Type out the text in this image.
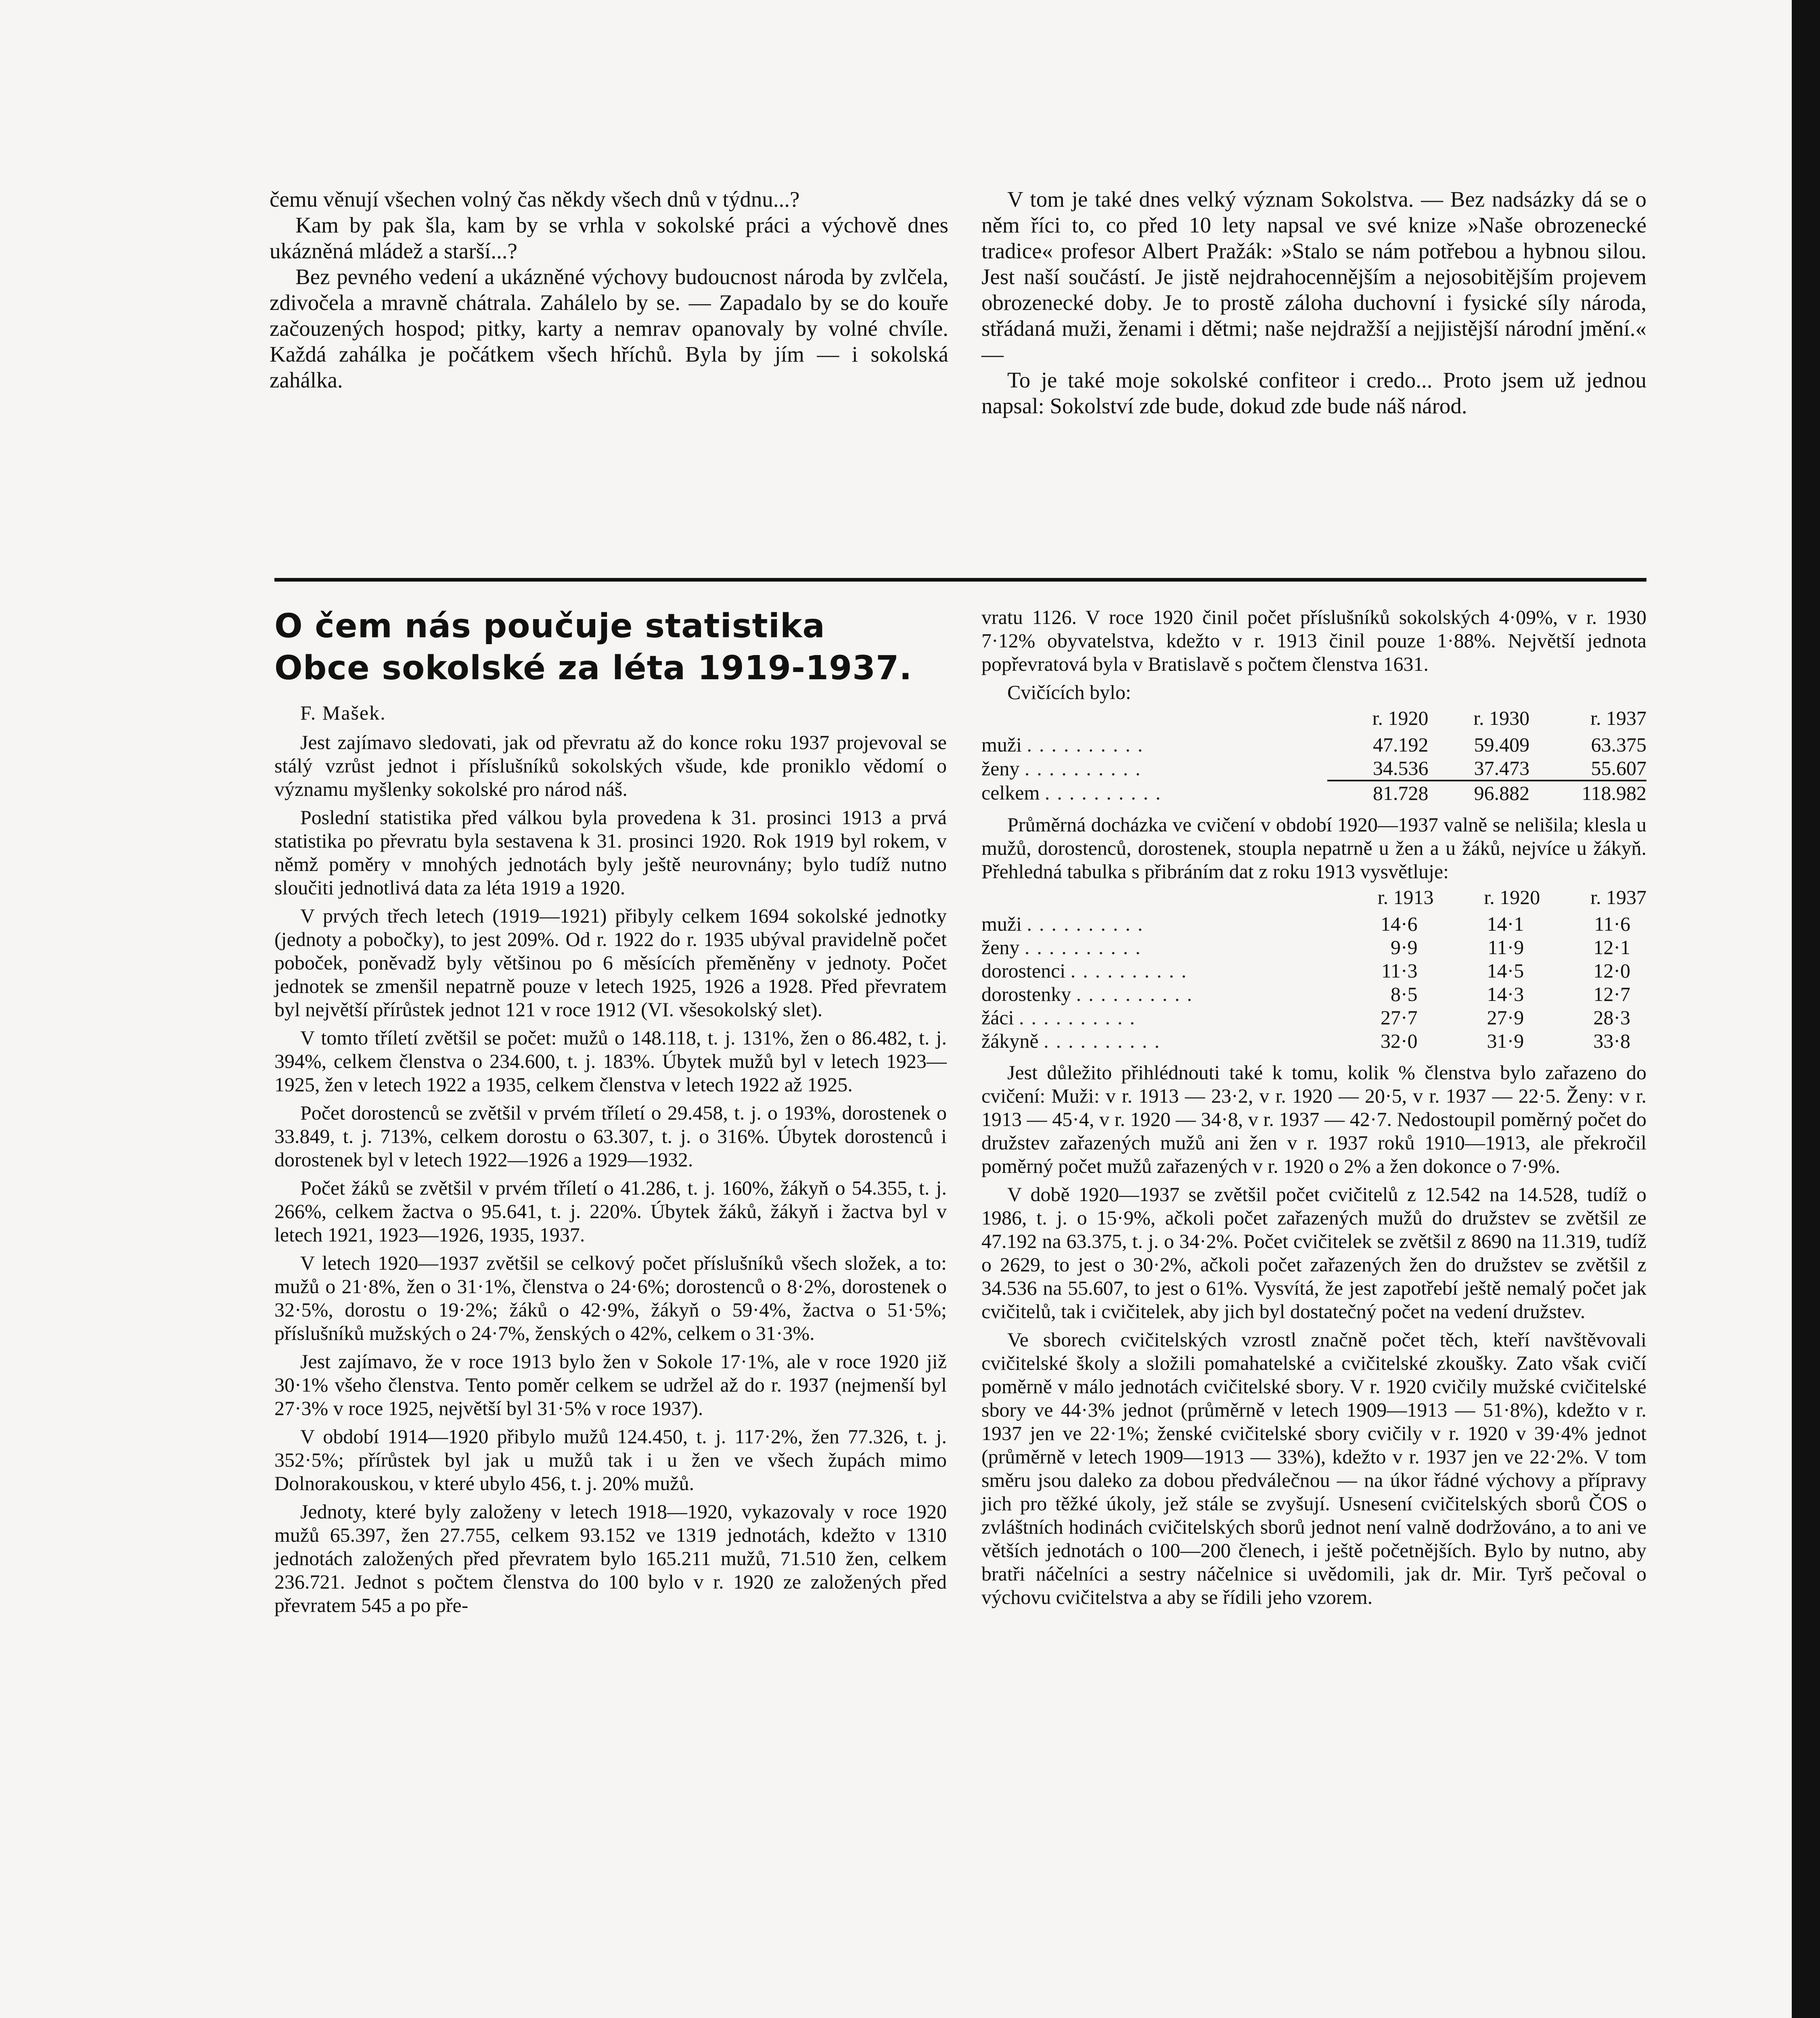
čemu věnují všechen volný čas někdy všech dnů v týdnu...?

Kam by pak šla, kam by se vrhla v sokolské práci a výchově dnes ukázněná mládež a starší...?

Bez pevného vedení a ukázněné výchovy budoucnost národa by zvlčela, zdivočela a mravně chátrala. Zahálelo by se. — Zapadalo by se do kouře začouzených hospod; pitky, karty a nemrav opanovaly by volné chvíle. Každá zahálka je počátkem všech hříchů. Byla by jím — i sokolská zahálka.

V tom je také dnes velký význam Sokolstva. — Bez nadsázky dá se o něm říci to, co před 10 lety napsal ve své knize »Naše obrozenecké tradice« profesor Albert Pražák: »Stalo se nám potřebou a hybnou silou. Jest naší součástí. Je jistě nejdrahocennějším a nejosobitějším projevem obrozenecké doby. Je to prostě záloha duchovní i fysické síly národa, střádaná muži, ženami i dětmi; naše nejdražší a nejjistější národní jmění.« —

To je také moje sokolské confiteor i credo... Proto jsem už jednou napsal: Sokolství zde bude, dokud zde bude náš národ.

O čem nás poučuje statistika
Obce sokolské za léta 1919-1937.

F. Mašek.

Jest zajímavo sledovati, jak od převratu až do konce roku 1937 projevoval se stálý vzrůst jednot i příslušníků sokolských všude, kde proniklo vědomí o významu myšlenky sokolské pro národ náš.

Poslední statistika před válkou byla provedena k 31. prosinci 1913 a prvá statistika po převratu byla sestavena k 31. prosinci 1920. Rok 1919 byl rokem, v němž poměry v mnohých jednotách byly ještě neurovnány; bylo tudíž nutno sloučiti jednotlivá data za léta 1919 a 1920.

V prvých třech letech (1919—1921) přibyly celkem 1694 sokolské jednotky (jednoty a pobočky), to jest 209%. Od r. 1922 do r. 1935 ubýval pravidelně počet poboček, poněvadž byly většinou po 6 měsících přeměněny v jednoty. Počet jednotek se zmenšil nepatrně pouze v letech 1925, 1926 a 1928. Před převratem byl největší přírůstek jednot 121 v roce 1912 (VI. všesokolský slet).

V tomto tříletí zvětšil se počet: mužů o 148.118, t. j. 131%, žen o 86.482, t. j. 394%, celkem členstva o 234.600, t. j. 183%. Úbytek mužů byl v letech 1923—1925, žen v letech 1922 a 1935, celkem členstva v letech 1922 až 1925.

Počet dorostenců se zvětšil v prvém tříletí o 29.458, t. j. o 193%, dorostenek o 33.849, t. j. 713%, celkem dorostu o 63.307, t. j. o 316%. Úbytek dorostenců i dorostenek byl v letech 1922—1926 a 1929—1932.

Počet žáků se zvětšil v prvém tříletí o 41.286, t. j. 160%, žákyň o 54.355, t. j. 266%, celkem žactva o 95.641, t. j. 220%. Úbytek žáků, žákyň i žactva byl v letech 1921, 1923—1926, 1935, 1937.

V letech 1920—1937 zvětšil se celkový počet příslušníků všech složek, a to: mužů o 21·8%, žen o 31·1%, členstva o 24·6%; dorostenců o 8·2%, dorostenek o 32·5%, dorostu o 19·2%; žáků o 42·9%, žákyň o 59·4%, žactva o 51·5%; příslušníků mužských o 24·7%, ženských o 42%, celkem o 31·3%.

Jest zajímavo, že v roce 1913 bylo žen v Sokole 17·1%, ale v roce 1920 již 30·1% všeho členstva. Tento poměr celkem se udržel až do r. 1937 (nejmenší byl 27·3% v roce 1925, největší byl 31·5% v roce 1937).

V období 1914—1920 přibylo mužů 124.450, t. j. 117·2%, žen 77.326, t. j. 352·5%; přírůstek byl jak u mužů tak i u žen ve všech župách mimo Dolnorakouskou, v které ubylo 456, t. j. 20% mužů.

Jednoty, které byly založeny v letech 1918—1920, vykazovaly v roce 1920 mužů 65.397, žen 27.755, celkem 93.152 ve 1319 jednotách, kdežto v 1310 jednotách založených před převratem bylo 165.211 mužů, 71.510 žen, celkem 236.721. Jednot s počtem členstva do 100 bylo v r. 1920 ze založených před převratem 545 a po pře-

vratu 1126. V roce 1920 činil počet příslušníků sokolských 4·09%, v r. 1930 7·12% obyvatelstva, kdežto v r. 1913 činil pouze 1·88%. Největší jednota popřevratová byla v Bratislavě s počtem členstva 1631.

Cvičících bylo:

	r. 1920	r. 1930	r. 1937
muži ..........	47.192	59.409	63.375
ženy ..........	34.536	37.473	55.607
celkem ..........	81.728	96.882	118.982

Průměrná docházka ve cvičení v období 1920—1937 valně se nelišila; klesla u mužů, dorostenců, dorostenek, stoupla nepatrně u žen a u žáků, nejvíce u žákyň. Přehledná tabulka s přibráním dat z roku 1913 vysvětluje:

	r. 1913	r. 1920	r. 1937
muži ..........	14·6	14·1	11·6
ženy ..........	9·9	11·9	12·1
dorostenci ..........	11·3	14·5	12·0
dorostenky ..........	8·5	14·3	12·7
žáci ..........	27·7	27·9	28·3
žákyně ..........	32·0	31·9	33·8

Jest důležito přihlédnouti také k tomu, kolik % členstva bylo zařazeno do cvičení: Muži: v r. 1913 — 23·2, v r. 1920 — 20·5, v r. 1937 — 22·5. Ženy: v r. 1913 — 45·4, v r. 1920 — 34·8, v r. 1937 — 42·7. Nedostoupil poměrný počet do družstev zařazených mužů ani žen v r. 1937 roků 1910—1913, ale překročil poměrný počet mužů zařazených v r. 1920 o 2% a žen dokonce o 7·9%.

V době 1920—1937 se zvětšil počet cvičitelů z 12.542 na 14.528, tudíž o 1986, t. j. o 15·9%, ačkoli počet zařazených mužů do družstev se zvětšil ze 47.192 na 63.375, t. j. o 34·2%. Počet cvičitelek se zvětšil z 8690 na 11.319, tudíž o 2629, to jest o 30·2%, ačkoli počet zařazených žen do družstev se zvětšil z 34.536 na 55.607, to jest o 61%. Vysvítá, že jest zapotřebí ještě nemalý počet jak cvičitelů, tak i cvičitelek, aby jich byl dostatečný počet na vedení družstev.

Ve sborech cvičitelských vzrostl značně počet těch, kteří navštěvovali cvičitelské školy a složili pomahatelské a cvičitelské zkoušky. Zato však cvičí poměrně v málo jednotách cvičitelské sbory. V r. 1920 cvičily mužské cvičitelské sbory ve 44·3% jednot (průměrně v letech 1909—1913 — 51·8%), kdežto v r. 1937 jen ve 22·1%; ženské cvičitelské sbory cvičily v r. 1920 v 39·4% jednot (průměrně v letech 1909—1913 — 33%), kdežto v r. 1937 jen ve 22·2%. V tom směru jsou daleko za dobou předválečnou — na úkor řádné výchovy a přípravy jich pro těžké úkoly, jež stále se zvyšují. Usnesení cvičitelských sborů ČOS o zvláštních hodinách cvičitelských sborů jednot není valně dodržováno, a to ani ve větších jednotách o 100—200 členech, i ještě početnějších. Bylo by nutno, aby bratři náčelníci a sestry náčelnice si uvědomili, jak dr. Mir. Tyrš pečoval o výchovu cvičitelstva a aby se řídili jeho vzorem.
